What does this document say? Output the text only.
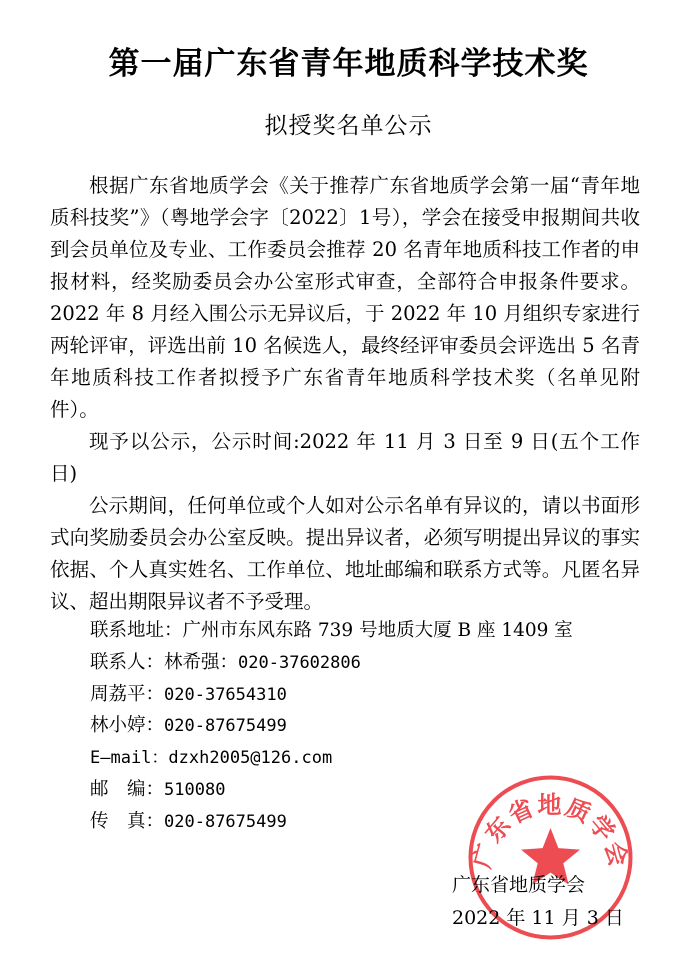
第一届广东省青年地质科学技术奖
拟授奖名单公示

根据广东省地质学会《关于推荐广东省地质学会第一届“青年地质科技奖”》（粤地学会字〔2022〕1号），学会在接受申报期间共收到会员单位及专业、工作委员会推荐 20 名青年地质科技工作者的申报材料，经奖励委员会办公室形式审查，全部符合申报条件要求。2022 年 8 月经入围公示无异议后，于 2022 年 10 月组织专家进行两轮评审，评选出前 10 名候选人，最终经评审委员会评选出 5 名青年地质科技工作者拟授予广东省青年地质科学技术奖（名单见附件）。

现予以公示，公示时间:2022 年 11 月 3 日至 9 日(五个工作日)

公示期间，任何单位或个人如对公示名单有异议的，请以书面形式向奖励委员会办公室反映。提出异议者，必须写明提出异议的事实依据、个人真实姓名、工作单位、地址邮编和联系方式等。凡匿名异议、超出期限异议者不予受理。

联系地址：广州市东风东路 739 号地质大厦 B 座 1409 室
联系人：林希强：020-37602806
周荔平：020-37654310
林小婷：020-87675499
E—mail：dzxh2005@126.com
邮　编：510080
传　真：020-87675499
广东省地质学会
广东省地质学会
2022 年 11 月 3 日
